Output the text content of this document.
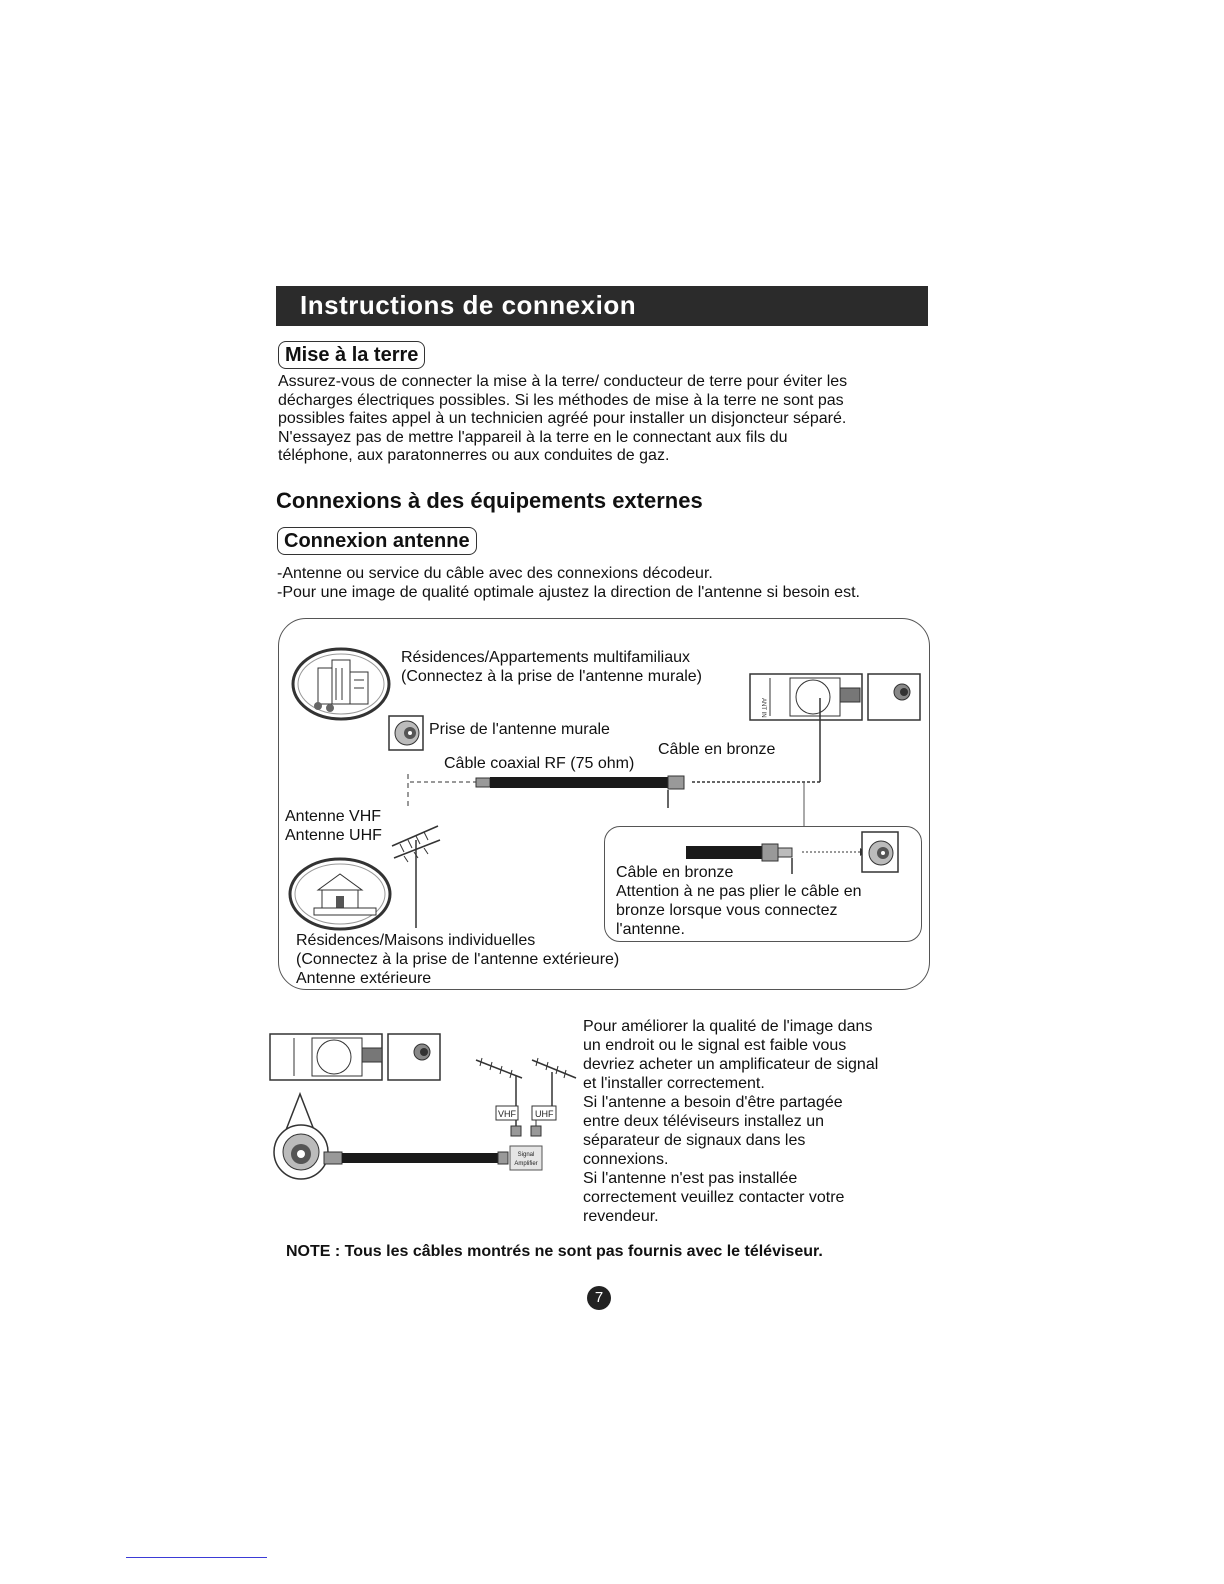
Instructions de connexion
Mise à la terre
Assurez-vous de connecter la mise à la terre/ conducteur de terre pour éviter les
décharges électriques possibles. Si les méthodes de mise à la terre ne sont pas
possibles faites appel à un technicien agréé pour installer un disjoncteur séparé.
N'essayez pas de mettre l'appareil à la terre en le connectant aux fils du
téléphone, aux paratonnerres ou aux conduites de gaz.
Connexions à des équipements externes
Connexion antenne
-Antenne ou service du câble avec des connexions décodeur.
-Pour une image de qualité optimale ajustez la direction de l'antenne si besoin est.
ANT IN
VHF UHF
Signal
Amplifier
Résidences/Appartements multifamiliaux
(Connectez à la prise de l'antenne murale)
Prise de l'antenne murale
Câble en bronze
Câble coaxial RF (75 ohm)
Antenne VHF
Antenne UHF
Câble en bronze
Attention à ne pas plier le câble en
bronze lorsque vous connectez
l'antenne.
Résidences/Maisons individuelles
(Connectez à la prise de l'antenne extérieure)
Antenne extérieure
Pour améliorer la qualité de l'image dans
un endroit ou le signal est faible vous
devriez acheter un amplificateur de signal
et l'installer correctement.
Si l'antenne a besoin d'être partagée
entre deux téléviseurs installez un
séparateur de signaux dans les
connexions.
Si l'antenne n'est pas installée
correctement veuillez contacter votre
revendeur.
NOTE : Tous les câbles montrés ne sont pas fournis avec le téléviseur.
7
